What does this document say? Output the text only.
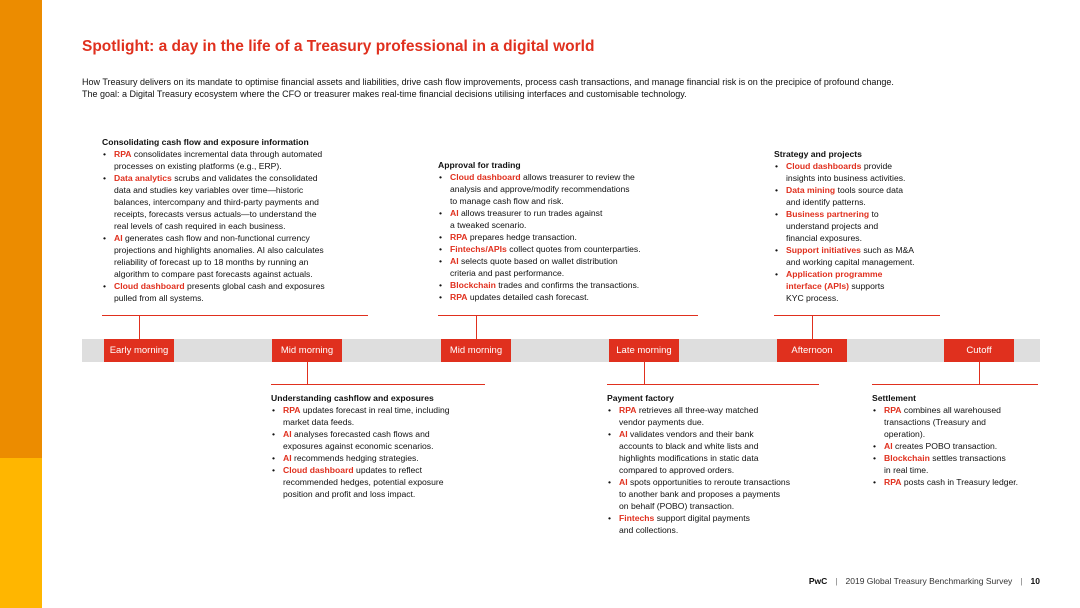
Spotlight: a day in the life of a Treasury professional in a digital world

How Treasury delivers on its mandate to optimise financial assets and liabilities, drive cash flow improvements, process cash transactions, and manage financial risk is on the precipice of profound change.

The goal: a Digital Treasury ecosystem where the CFO or treasurer makes real-time financial decisions utilising interfaces and customisable technology.

Consolidating cash flow and exposure information
• RPA consolidates incremental data through automated
processes on existing platforms (e.g., ERP).
• Data analytics scrubs and validates the consolidated
data and studies key variables over time—historic
balances, intercompany and third-party payments and
receipts, forecasts versus actuals—to understand the
real levels of cash required in each business.
• AI generates cash flow and non-functional currency
projections and highlights anomalies. AI also calculates
reliability of forecast up to 18 months by running an
algorithm to compare past forecasts against actuals.
• Cloud dashboard presents global cash and exposures
pulled from all systems.
Approval for trading
• Cloud dashboard allows treasurer to review the
analysis and approve/modify recommendations
to manage cash flow and risk.
• AI allows treasurer to run trades against
a tweaked scenario.
• RPA prepares hedge transaction.
• Fintechs/APIs collect quotes from counterparties.
• AI selects quote based on wallet distribution
criteria and past performance.
• Blockchain trades and confirms the transactions.
• RPA updates detailed cash forecast.
Strategy and projects
• Cloud dashboards provide
insights into business activities.
• Data mining tools source data
and identify patterns.
• Business partnering to
understand projects and
financial exposures.
• Support initiatives such as M&A
and working capital management.
• Application programme
interface (APIs) supports
KYC process.
Early morning	Mid morning	Mid morning	Late morning	Afternoon	Cutoff
Understanding cashflow and exposures
• RPA updates forecast in real time, including
market data feeds.
• AI analyses forecasted cash flows and
exposures against economic scenarios.
• AI recommends hedging strategies.
• Cloud dashboard updates to reflect
recommended hedges, potential exposure
position and profit and loss impact.
Payment factory
• RPA retrieves all three-way matched
vendor payments due.
• AI validates vendors and their bank
accounts to black and white lists and
highlights modifications in static data
compared to approved orders.
• AI spots opportunities to reroute transactions
to another bank and proposes a payments
on behalf (POBO) transaction.
• Fintechs support digital payments
and collections.
Settlement
• RPA combines all warehoused
transactions (Treasury and
operation).
• AI creates POBO transaction.
• Blockchain settles transactions
in real time.
• RPA posts cash in Treasury ledger.
PwC | 2019 Global Treasury Benchmarking Survey | 10
